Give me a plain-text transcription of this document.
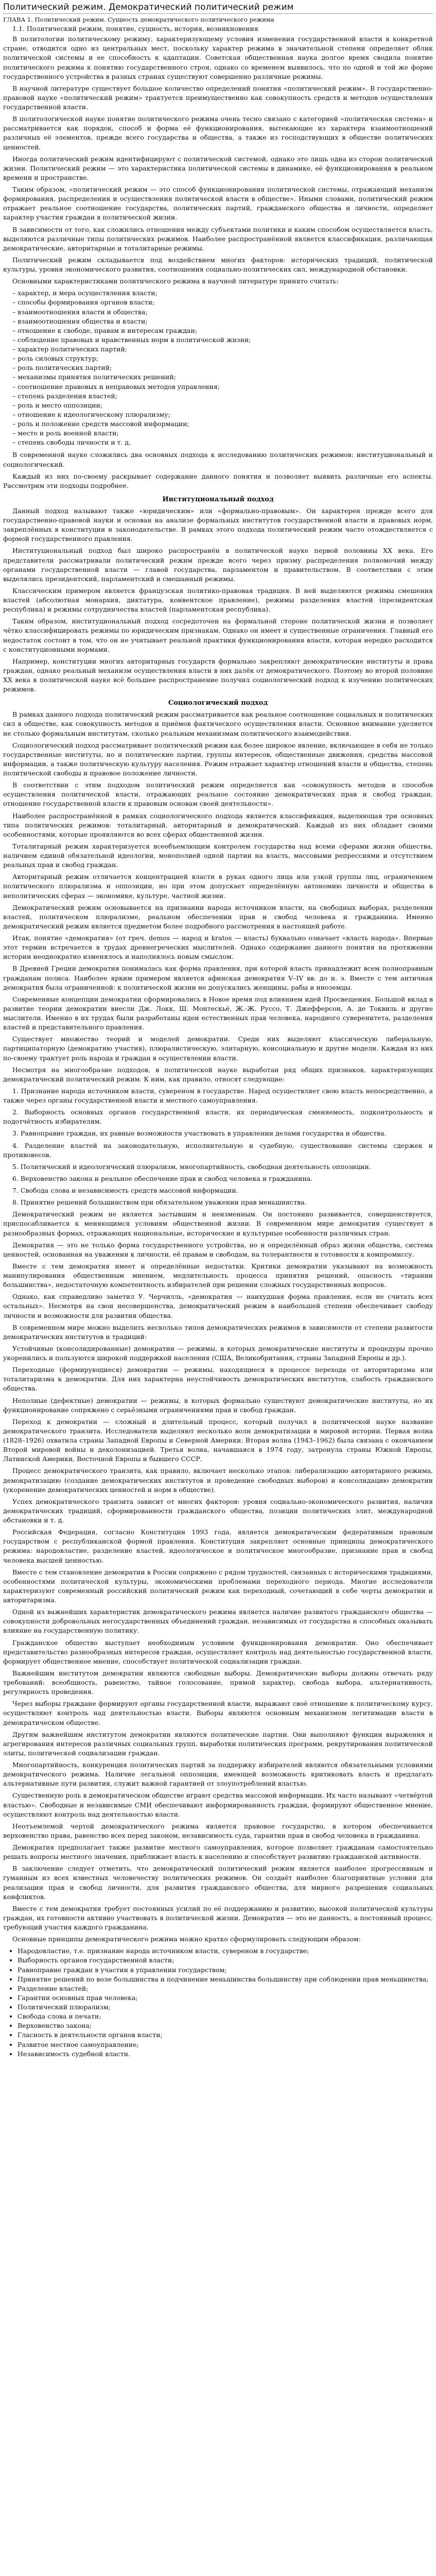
Политический режим. Демократический политический режим
ГЛАВА 1. Политический режим. Сущность демократического политического режима

1.1. Политический режим, понятие, сущность, история, возникновения

В политологии политическому режиму, характеризующему условия изменения государственной власти в конкретной стране, отводится одно из центральных мест, поскольку характер режима в значительной степени определяет облик политической системы и ее способность к адаптации. Советская общественная наука долгое время сводила понятие политического режима к понятию государственного строя, однако со временем выявилось, что по одной и той же форме государственного устройства в разных странах существуют совершенно различные режимы.

В научной литературе существует большое количество определений понятия «политический режим». В государственно-правовой науке «политический режим» трактуется преимущественно как совокупность средств и методов осуществления государственной власти.

В политологической науке понятие политического режима очень тесно связано с категорией «политическая система» и рассматривается как порядок, способ и форма её функционирования, вытекающие из характера взаимоотношений различных её элементов, прежде всего государства и общества, а также из господствующих в обществе политических ценностей.

Иногда политический режим идентифицируют с политической системой, однако это лишь одна из сторон политической жизни. Политический режим — это характеристика политической системы в динамике, её функционирования в реальном времени и пространстве.

Таким образом, «политический режим — это способ функционирования политической системы, отражающий механизм формирования, распределения и осуществления политической власти в обществе». Иными словами, политический режим отражает реальное соотношение государства, политических партий, гражданского общества и личности, определяет характер участия граждан в политической жизни.

В зависимости от того, как сложились отношения между субъектами политики и каким способом осуществляется власть, выделяются различные типы политических режимов. Наиболее распространённой является классификация, различающая демократические, авторитарные и тоталитарные режимы.

Политический режим складывается под воздействием многих факторов: исторических традиций, политической культуры, уровня экономического развития, соотношения социально-политических сил, международной обстановки.

Основными характеристиками политического режима в научной литературе принято считать:

– характер, и мера осуществления власти;
– способы формирования органов власти;
– взаимоотношения власти и общества;
– взаимоотношения общества и власти;
– отношение к свободе, правам и интересам граждан;
– соблюдение правовых и нравственных норм в политической жизни;
– характер политических партий;
– роль силовых структур;
– роль политических партий;
– механизмы принятия политических решений;
– соотношение правовых и неправовых методов управления;
– степень разделения властей;
– роль и место оппозиции;
– отношение к идеологическому плюрализму;
– роль и положение средств массовой информации;
– место и роль военной власти;
– степень свободы личности и т. д.

В современной науке сложились два основных подхода к исследованию политических режимов: институциональный и социологический.

Каждый из них по-своему раскрывает содержание данного понятия и позволяет выявить различные его аспекты. Рассмотрим эти подходы подробнее.

Институциональный подход

Данный подход называют также «юридическим» или «формально-правовым». Он характерен прежде всего для государственно-правовой науки и основан на анализе формальных институтов государственной власти и правовых норм, закреплённых в конституции и законодательстве. В рамках этого подхода политический режим часто отождествляется с формой государственного правления.

Институциональный подход был широко распространён в политической науке первой половины XX века. Его представители рассматривали политический режим прежде всего через призму распределения полномочий между органами государственной власти — главой государства, парламентом и правительством. В соответствии с этим выделялись президентский, парламентский и смешанный режимы.

Классическим примером является французская политико-правовая традиция. В ней выделяются режимы смешения властей (абсолютная монархия, диктатура, конвентское правление), режимы разделения властей (президентская республика) и режимы сотрудничества властей (парламентская республика).

Таким образом, институциональный подход сосредоточен на формальной стороне политической жизни и позволяет чётко классифицировать режимы по юридическим признакам. Однако он имеет и существенные ограничения. Главный его недостаток состоит в том, что он не учитывает реальной практики функционирования власти, которая нередко расходится с конституционными нормами.

Например, конституции многих авторитарных государств формально закрепляют демократические институты и права граждан, однако реальный механизм осуществления власти в них далёк от демократического. Поэтому во второй половине XX века в политической науке всё большее распространение получил социологический подход к изучению политических режимов.

Социологический подход

В рамках данного подхода политический режим рассматривается как реальное соотношение социальных и политических сил в обществе, как совокупность методов и приёмов фактического осуществления власти. Основное внимание уделяется не столько формальным институтам, сколько реальным механизмам политического взаимодействия.

Социологический подход рассматривает политический режим как более широкое явление, включающее в себя не только государственные институты, но и политические партии, группы интересов, общественные движения, средства массовой информации, а также политическую культуру населения. Режим отражает характер отношений власти и общества, степень политической свободы и правовое положение личности.

В соответствии с этим подходом политический режим определяется как «совокупность методов и способов осуществления политической власти, отражающих реальное состояние демократических прав и свобод граждан, отношение государственной власти к правовым основам своей деятельности».

Наиболее распространённой в рамках социологического подхода является классификация, выделяющая три основных типа политических режимов: тоталитарный, авторитарный и демократический. Каждый из них обладает своими особенностями, которые проявляются во всех сферах общественной жизни.

Тоталитарный режим характеризуется всеобъемлющим контролем государства над всеми сферами жизни общества, наличием единой обязательной идеологии, монополией одной партии на власть, массовыми репрессиями и отсутствием реальных прав и свобод граждан.

Авторитарный режим отличается концентрацией власти в руках одного лица или узкой группы лиц, ограничением политического плюрализма и оппозиции, но при этом допускает определённую автономию личности и общества в неполитических сферах — экономике, культуре, частной жизни.

Демократический режим основывается на признании народа источником власти, на свободных выборах, разделении властей, политическом плюрализме, реальном обеспечении прав и свобод человека и гражданина. Именно демократический режим является предметом более подробного рассмотрения в настоящей работе.

Итак, понятие «демократия» (от греч. demos — народ и kratos — власть) буквально означает «власть народа». Впервые этот термин встречается в трудах древнегреческих мыслителей. Однако содержание данного понятия на протяжении истории неоднократно изменялось и наполнялось новым смыслом.

В Древней Греции демократия понималась как форма правления, при которой власть принадлежит всем полноправным гражданам полиса. Наиболее ярким примером является афинская демократия V–IV вв. до н. э. Вместе с тем античная демократия была ограниченной: к политической жизни не допускались женщины, рабы и иноземцы.

Современные концепции демократии сформировались в Новое время под влиянием идей Просвещения. Большой вклад в развитие теории демократии внесли Дж. Локк, Ш. Монтескьё, Ж.-Ж. Руссо, Т. Джефферсон, А. де Токвиль и другие мыслители. Именно в их трудах были разработаны идеи естественных прав человека, народного суверенитета, разделения властей и представительного правления.

Существует множество теорий и моделей демократии. Среди них выделяют классическую либеральную, партиципаторную (демократию участия), плюралистическую, элитарную, консоциальную и другие модели. Каждая из них по-своему трактует роль народа и граждан в осуществлении власти.

Несмотря на многообразие подходов, в политической науке выработан ряд общих признаков, характеризующих демократический политический режим. К ним, как правило, относят следующие:

1. Признание народа источником власти, сувереном в государстве. Народ осуществляет свою власть непосредственно, а также через органы государственной власти и местного самоуправления.

2. Выборность основных органов государственной власти, их периодическая сменяемость, подконтрольность и подотчётность избирателям.

3. Равноправие граждан, их равные возможности участвовать в управлении делами государства и общества.

4. Разделение властей на законодательную, исполнительную и судебную, существование системы сдержек и противовесов.

5. Политический и идеологический плюрализм, многопартийность, свободная деятельность оппозиции.

6. Верховенство закона и реальное обеспечение прав и свобод человека и гражданина.

7. Свобода слова и независимость средств массовой информации.

8. Принятие решений большинством при обязательном уважении прав меньшинства.

Демократический режим не является застывшим и неизменным. Он постоянно развивается, совершенствуется, приспосабливается к меняющимся условиям общественной жизни. В современном мире демократия существует в разнообразных формах, отражающих национальные, исторические и культурные особенности различных стран.

Демократия — это не только форма государственного устройства, но и определённый образ жизни общества, система ценностей, основанная на уважении к личности, её правам и свободам, на толерантности и готовности к компромиссу.

Вместе с тем демократия имеет и определённые недостатки. Критики демократии указывают на возможность манипулирования общественным мнением, медлительность процесса принятия решений, опасность «тирании большинства», недостаточную компетентность избирателей при решении сложных государственных вопросов.

Однако, как справедливо заметил У. Черчилль, «демократия — наихудшая форма правления, если не считать всех остальных». Несмотря на свои несовершенства, демократический режим в наибольшей степени обеспечивает свободу личности и возможности для развития общества.

В современном мире можно выделить несколько типов демократических режимов в зависимости от степени развитости демократических институтов и традиций:

Устойчивые (консолидированные) демократии — режимы, в которых демократические институты и процедуры прочно укоренились и пользуются широкой поддержкой населения (США, Великобритания, страны Западной Европы и др.).

Переходные (формирующиеся) демократии — режимы, находящиеся в процессе перехода от авторитаризма или тоталитаризма к демократии. Для них характерна неустойчивость демократических институтов, слабость гражданского общества.

Неполные (дефектные) демократии — режимы, в которых формально существуют демократические институты, но их функционирование сопряжено с серьёзными ограничениями прав и свобод граждан.

Переход к демократии — сложный и длительный процесс, который получил в политической науке название демократического транзита. Исследователи выделяют несколько волн демократизации в мировой истории. Первая волна (1828–1926) охватила страны Западной Европы и Северной Америки. Вторая волна (1943–1962) была связана с окончанием Второй мировой войны и деколонизацией. Третья волна, начавшаяся в 1974 году, затронула страны Южной Европы, Латинской Америки, Восточной Европы и бывшего СССР.

Процесс демократического транзита, как правило, включает несколько этапов: либерализацию авторитарного режима, демократизацию (создание демократических институтов и проведение свободных выборов) и консолидацию демократии (укоренение демократических ценностей и норм в обществе).

Успех демократического транзита зависит от многих факторов: уровня социально-экономического развития, наличия демократических традиций, сформированности гражданского общества, позиции политических элит, международной обстановки и т. д.

Российская Федерация, согласно Конституции 1993 года, является демократическим федеративным правовым государством с республиканской формой правления. Конституция закрепляет основные принципы демократического режима: народовластие, разделение властей, идеологическое и политическое многообразие, признание прав и свобод человека высшей ценностью.

Вместе с тем становление демократии в России сопряжено с рядом трудностей, связанных с историческими традициями, особенностями политической культуры, экономическими проблемами переходного периода. Многие исследователи характеризуют современный российский политический режим как переходный, сочетающий в себе черты демократии и авторитаризма.

Одной из важнейших характеристик демократического режима является наличие развитого гражданского общества — совокупности добровольных негосударственных объединений граждан, независимых от государства и способных оказывать влияние на государственную политику.

Гражданское общество выступает необходимым условием функционирования демократии. Оно обеспечивает представительство разнообразных интересов граждан, осуществляет контроль над деятельностью государственной власти, формирует общественное мнение, способствует политической социализации граждан.

Важнейшим институтом демократии являются свободные выборы. Демократические выборы должны отвечать ряду требований: всеобщность, равенство, тайное голосование, прямой характер, свобода выбора, альтернативность, регулярность проведения.

Через выборы граждане формируют органы государственной власти, выражают своё отношение к политическому курсу, осуществляют контроль над деятельностью власти. Выборы являются основным механизмом легитимации власти в демократическом обществе.

Другим важнейшим институтом демократии являются политические партии. Они выполняют функции выражения и агрегирования интересов различных социальных групп, выработки политических программ, рекрутирования политической элиты, политической социализации граждан.

Многопартийность, конкуренция политических партий за поддержку избирателей являются обязательными условиями демократического режима. Наличие легальной оппозиции, имеющей возможность критиковать власть и предлагать альтернативные пути развития, служит важной гарантией от злоупотреблений властью.

Существенную роль в демократическом обществе играют средства массовой информации. Их часто называют «четвёртой властью». Свободные и независимые СМИ обеспечивают информированность граждан, формируют общественное мнение, осуществляют контроль над деятельностью власти.

Неотъемлемой чертой демократического режима является правовое государство, в котором обеспечивается верховенство права, равенство всех перед законом, независимость суда, гарантии прав и свобод человека и гражданина.

Демократия предполагает также развитие местного самоуправления, которое позволяет гражданам самостоятельно решать вопросы местного значения, приближает власть к населению и способствует развитию гражданской активности.

В заключение следует отметить, что демократический политический режим является наиболее прогрессивным и гуманным из всех известных человечеству политических режимов. Он создаёт наиболее благоприятные условия для реализации прав и свобод личности, для развития гражданского общества, для мирного разрешения социальных конфликтов.

Вместе с тем демократия требует постоянных усилий по её поддержанию и развитию, высокой политической культуры граждан, их готовности активно участвовать в политической жизни. Демократия — это не данность, а постоянный процесс, требующий участия каждого гражданина.

Основные принципы демократического режима можно кратко сформулировать следующим образом:

• Народовластие, т.е. признание народа источником власти, сувереном в государстве;
• Выборность органов государственной власти;
• Равноправие граждан в участии в управлении государством;
• Принятие решений по воле большинства и подчинение меньшинства большинству при соблюдении прав меньшинства;
• Разделение властей;
• Гарантии основных прав человека;
• Политический плюрализм;
• Свобода слова и печати;
• Верховенство закона;
• Гласность в деятельности органов власти;
• Развитое местное самоуправление;
• Независимость судебной власти.
